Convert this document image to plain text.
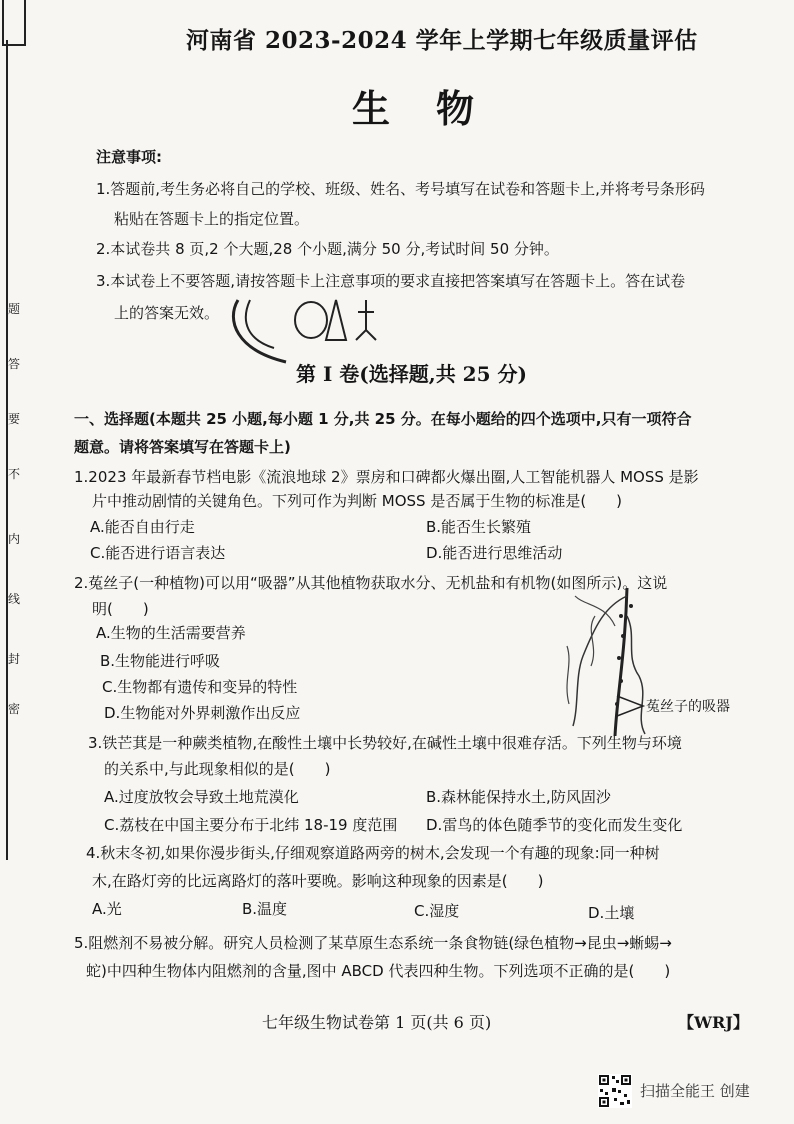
题
答
要
不
内
线
封
密
河南省 2023-2024 学年上学期七年级质量评估
生物
注意事项:
1.答题前,考生务必将自己的学校、班级、姓名、考号填写在试卷和答题卡上,并将考号条形码
粘贴在答题卡上的指定位置。
2.本试卷共 8 页,2 个大题,28 个小题,满分 50 分,考试时间 50 分钟。
3.本试卷上不要答题,请按答题卡上注意事项的要求直接把答案填写在答题卡上。答在试卷
上的答案无效。
第 I 卷(选择题,共 25 分)
一、选择题(本题共 25 小题,每小题 1 分,共 25 分。在每小题给的四个选项中,只有一项符合
题意。请将答案填写在答题卡上)
1.2023 年最新春节档电影《流浪地球 2》票房和口碑都火爆出圈,人工智能机器人 MOSS 是影
片中推动剧情的关键角色。下列可作为判断 MOSS 是否属于生物的标准是(　　)
A.能否自由行走	B.能否生长繁殖
C.能否进行语言表达	D.能否进行思维活动
2.菟丝子(一种植物)可以用“吸器”从其他植物获取水分、无机盐和有机物(如图所示)。这说
明(　　)
A.生物的生活需要营养
B.生物能进行呼吸
C.生物都有遗传和变异的特性
D.生物能对外界刺激作出反应	菟丝子的吸器
3.铁芒萁是一种蕨类植物,在酸性土壤中长势较好,在碱性土壤中很难存活。下列生物与环境
的关系中,与此现象相似的是(　　)
A.过度放牧会导致土地荒漠化	B.森林能保持水土,防风固沙
C.荔枝在中国主要分布于北纬 18-19 度范围 D.雷鸟的体色随季节的变化而发生变化
4.秋末冬初,如果你漫步街头,仔细观察道路两旁的树木,会发现一个有趣的现象:同一种树
木,在路灯旁的比远离路灯的落叶要晚。影响这种现象的因素是(　　)
A.光	B.温度	C.湿度	D.土壤
5.阻燃剂不易被分解。研究人员检测了某草原生态系统一条食物链(绿色植物→昆虫→蜥蜴→
蛇)中四种生物体内阻燃剂的含量,图中 ABCD 代表四种生物。下列选项不正确的是(　　)
七年级生物试卷第 1 页(共 6 页)	【WRJ】
扫描全能王 创建
